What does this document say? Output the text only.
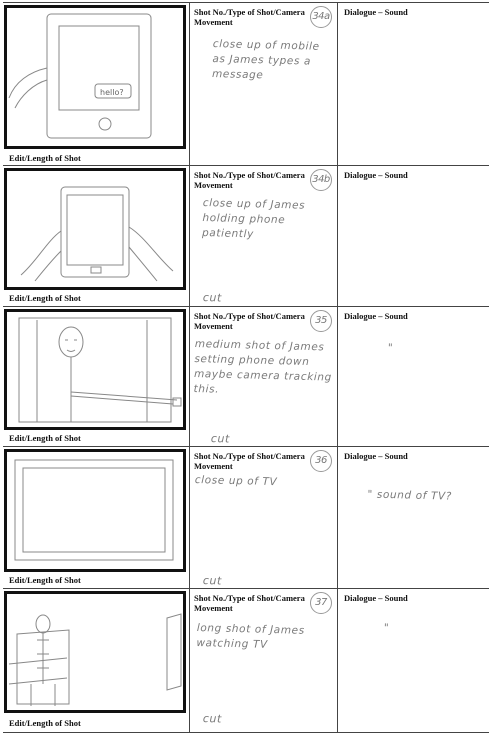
hello?
Edit/Length of Shot
Shot No./Type of Shot/Camera Movement	34a
close up of mobile as James types a message
Dialogue – Sound
Edit/Length of Shot
Shot No./Type of Shot/Camera Movement	34b
close up of James holding phone patiently
cut
Dialogue – Sound
Edit/Length of Shot
Shot No./Type of Shot/Camera Movement	35
medium shot of James setting phone down maybe camera tracking this.
cut
Dialogue – Sound
"
Edit/Length of Shot
Shot No./Type of Shot/Camera Movement	36
close up of TV
cut
Dialogue – Sound
" sound of TV?
Edit/Length of Shot
Shot No./Type of Shot/Camera Movement	37
long shot of James watching TV
cut
Dialogue – Sound
"
